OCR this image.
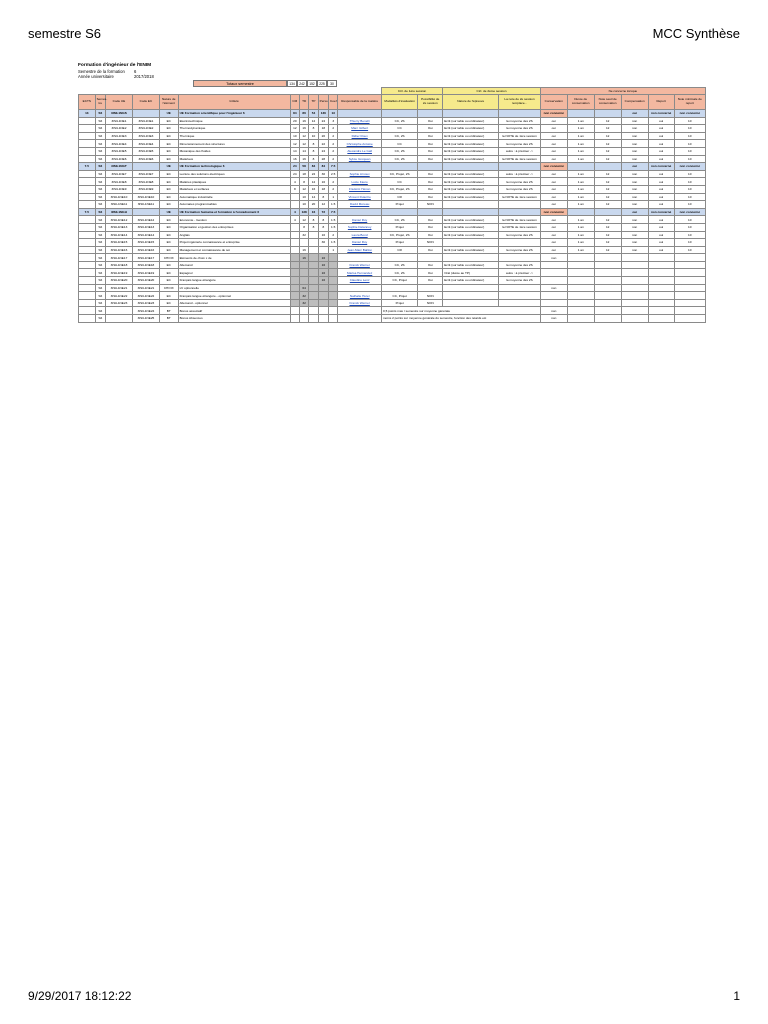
semestre S6	MCC Synthèse
Formation d'ingénieur de l'ENIM
Semestre de la formation	6
Année universitaire	2017/2018
Totaux semestre	134	242	152	225	30
												Ctrl. de 1ère session		Ctrl. de 2ème session		Ne concerne lorsque					
ECTS	Semes-tre	Code UE	Code EC	Nature de l'élément	Intitulé	CM	TD	TP	Perso	Coef	Responsable de la matière	Modalités d'évaluation	Possibilité de 2e session	Nature de l'épreuve	La note de 2e session remplace...	Conservation	Durée de conservation	Note seuil de conservation	Compensation	Report	Note minimale de report
13	S6	3ISIL1NGS		UE	UE Formation scientifique pour l'ingénieur 6	84	86	54	136	13						non concerné			oui	non concerné	non concerné
	S6	3ISIL1NE1	3ISIL1NE1	EC	Electrotechnique	20	16	12	24	3	Thierry Benelli	CC, 2S	Oui	Ecrit (sur table ou ordinateur)	la moyenne des 2S	oui	1 an	12	non	oui	10
	S6	3ISIL1NE2	3ISIL1NE2	EC	Thermodynamique	12	16	8	18	2	Marc Gilbert	CC	Oui	Ecrit (sur table ou ordinateur)	la moyenne des 2S	oui	1 an	12	non	oui	10
	S6	3ISIL1NE3	3ISIL1NE3	EC	Thermique	10	12	10	20	2	Didier Roux	CC, 2S	Oui	Ecrit (sur table ou ordinateur)	la NOTE de 1ère session	oui	1 an	12	non	oui	10
	S6	3ISIL1NE4	3ISIL1NE4	EC	Dimensionnement des structures	12	12	8	22	2	Christophe Antoine	CC	Oui	Ecrit (sur table ou ordinateur)	la moyenne des 2S	oui	1 an	12	non	oui	10
	S6	3ISIL1NE5	3ISIL1NE5	EC	Mécanique des fluides	14	14	8	24	2	Alexandre Le Gall	CC, 2S	Oui	Ecrit (sur table ou ordinateur)	autre : à préciser ->	oui	1 an	12	non	oui	10
	S6	3ISIL1NE6	3ISIL1NE6	EC	Matériaux	16	16	8	28	2	Sylvie Grosjean	CC, 2S	Oui	Ecrit (sur table ou ordinateur)	la NOTE de 1ère session	oui	1 an	12	non	oui	10
7.5	S6	3ISIL1NGT		UE	UE Formation technologique 6	24	58	84	84	7.5						non concerné			oui	non concerné	non concerné
	S6	3ISIL1NE7	3ISIL1NE7	EC	Lecture des solutions électriques	24	18	22	30	2.5	Sophie Arnoux	CC, Projet, 2S	Oui	Ecrit (sur table ou ordinateur)	autre : à préciser ->	oui	1 an	12	non	oui	10
	S6	3ISIL1NE8	3ISIL1NE8	EC	Matières plastiques	4	8	12	16	2	Lucie Faure	CC	Oui	Ecrit (sur table ou ordinateur)	la moyenne des 2S	oui	1 an	12	non	oui	10
	S6	3ISIL1NE9	3ISIL1NE9	EC	Matériaux et surfaces	8	12	16	18	2	Frédéric Hénon	CC, Projet, 2S	Oui	Ecrit (sur table ou ordinateur)	la moyenne des 2S	oui	1 an	12	non	oui	10
	S6	3ISIL1NE10	3ISIL1NE10	EC	Automatique industrielle		10	14	8	1	Vincent Dutertre	CR	Oui	Ecrit (sur table ou ordinateur)	la NOTE de 1ère session	oui	1 an	12	non	oui	10
	S6	3ISIL1NE11	3ISIL1NE11	EC	Automates programmables		10	20	12	1.5	David Moreau	Projet	NON			oui	1 an	12	non	oui	10
7.5	S6	3ISIL1NGH		UE	UE Formation humaine et formation à l'encadrement 6	4	138	16	72	7.5						non concerné			oui	non concerné	non concerné
	S6	3ISIL1NE12	3ISIL1NE12	EC	Economie - Gestion	4	12	8	8	1.5	Daniel Roy	CC, 2S	Oui	Ecrit (sur table ou ordinateur)	la NOTE de 1ère session	oui	1 an	12	non	oui	10
	S6	3ISIL1NE13	3ISIL1NE13	EC	Organisation et gestion des entreprises		8	8	8	1.5	Sophie Delannoy	Projet	Oui	Ecrit (sur table ou ordinateur)	la NOTE de 1ère session	oui	1 an	12	non	oui	10
	S6	3ISIL1NE14	3ISIL1NE14	EC	Anglais		32		16	2	Laura Bond	CC, Projet, 2S	Oui	Ecrit (sur table ou ordinateur)	la moyenne des 2S	oui	1 an	12	non	oui	10
	S6	3ISIL1NE15	3ISIL1NE15	EC	Projet ingénierie connaissance et entreprise				30	1.5	Daniel Roy	Projet	NON			oui	1 an	12	non	oui	10
	S6	3ISIL1NE16	3ISIL1NE16	EC	Management et connaissance de soi		16			1	Jean-Marc Baillon	CR	Oui	Ecrit (sur table ou ordinateur)	la moyenne des 2S	oui	1 an	12	non	oui	10
	S6	3ISIL1NE17	3ISIL1NE17	CHOIX	Eléments de choix x de		16		16							non					
	S6	3ISIL1NE18	3ISIL1NE18	EC	Allemand				16		Franck Werner	CC, 2S	Oui	Ecrit (sur table ou ordinateur)	la moyenne des 2S						
	S6	3ISIL1NE19	3ISIL1NE19	EC	Espagnol				16		Marisa Hernandez	CC, 2S	Oui	Oral (durée au TP)	autre : à préciser ->						
	S6	3ISIL1NE20	3ISIL1NE20	EC	Français langue étrangère				16		Claudine Lenz	CC, Projet	Oui	Ecrit (sur table ou ordinateur)	la moyenne des 2S						
	S6	3ISIL1NE21	3ISIL1NE21	CHOIX	LV optionnelle		64									non					
	S6	3ISIL1NE22	3ISIL1NE22	EC	Français langue étrangère - optionnel		32				Nathalie Hurel	CC, Projet	NON								
	S6	3ISIL1NE23	3ISIL1NE23	EC	Allemand - optionnel		32				Franck Werner	Projet	NON								
	S6		3ISIL1NE24	BT	Bonus associatif							0,5 points max / semestre sur moyenne générale				non					
	S6		3ISIL1NE25	BT	Bonus Absences							moins 2 points sur moyenne générale du semestre, fonction des retards etc				non					
9/29/2017 18:12:22	1
